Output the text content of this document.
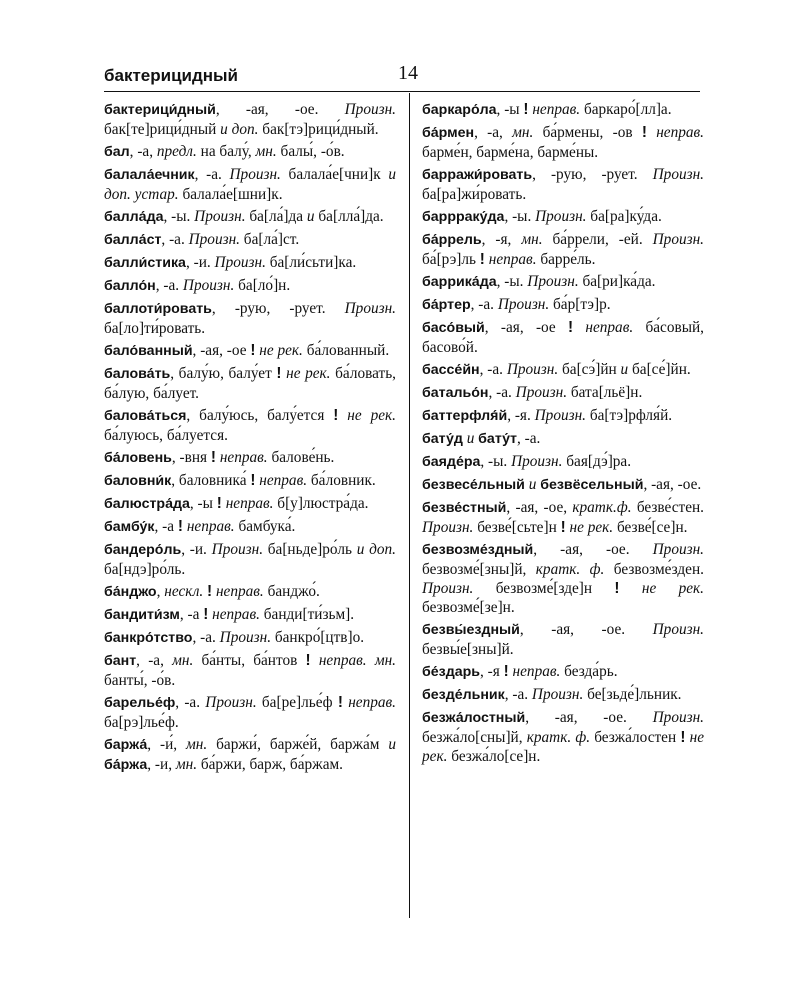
бактерицидный	14

бактерици́дный, -ая, -ое. Произн. бак[те]рици́дный и доп. бак[тэ]рици́дный.

бал, -а, предл. на балу́, мн. балы́, -о́в.

балала́ечник, -а. Произн. балала́е[чни]к и доп. устар. балала́е[шни]к.

балла́да, -ы. Произн. ба[ла́]да и ба[лла́]да.

балла́ст, -а. Произн. ба[ла́]ст.

балли́стика, -и. Произн. ба[ли́сьти]ка.

балло́н, -а. Произн. ба[ло́]н.

баллоти́ровать, -рую, -рует. Произн. ба[ло]ти́ровать.

бало́ванный, -ая, -ое ! не рек. ба́лованный.

балова́ть, балу́ю, балу́ет ! не рек. ба́ловать, ба́лую, ба́лует.

балова́ться, балу́юсь, балу́ется ! не рек. ба́луюсь, ба́луется.

ба́ловень, -вня ! неправ. балове́нь.

баловни́к, баловника́ ! неправ. ба́ловник.

балюстра́да, -ы ! неправ. б[у]люстра́да.

бамбу́к, -а ! неправ. бамбука́.

бандеро́ль, -и. Произн. ба[ньде]ро́ль и доп. ба[ндэ]ро́ль.

ба́нджо, нескл. ! неправ. банджо́.

бандити́зм, -а ! неправ. банди[ти́зьм].

банкро́тство, -а. Произн. банкро́[цтв]о.

бант, -а, мн. ба́нты, ба́нтов ! неправ. мн. банты́, -о́в.

барелье́ф, -а. Произн. ба[ре]лье́ф ! неправ. ба[рэ]лье́ф.

баржа́, -и́, мн. баржи́, барже́й, баржа́м и ба́ржа, -и, мн. ба́ржи, барж, ба́ржам.

баркаро́ла, -ы ! неправ. баркаро́[лл]а.

ба́рмен, -а, мн. ба́рмены, -ов ! неправ. барме́н, барме́на, барме́ны.

барражи́ровать, -рую, -рует. Произн. ба[ра]жи́ровать.

баррраку́да, -ы. Произн. ба[ра]ку́да.

ба́ррель, -я, мн. ба́ррели, -ей. Произн. ба́[рэ]ль ! неправ. барре́ль.

баррика́да, -ы. Произн. ба[ри]ка́да.

ба́ртер, -а. Произн. ба́р[тэ]р.

басо́вый, -ая, -ое ! неправ. ба́совый, басово́й.

бассе́йн, -а. Произн. ба[сэ́]йн и ба[се́]йн.

батальо́н, -а. Произн. бата[льё]н.

баттерфля́й, -я. Произн. ба[тэ]рфля́й.

бату́д и бату́т, -а.

баяде́ра, -ы. Произн. бая[дэ́]ра.

безвесе́льный и безвёсельный, -ая, -ое.

безве́стный, -ая, -ое, кратк.ф. безве́стен. Произн. безве́[сьте]н ! не рек. безве́[се]н.

безвозме́здный, -ая, -ое. Произн. безвозме́[зны]й, кратк. ф. безвозме́зден. Произн. безвозме́[зде]н ! не рек. безвозме́[зе]н.

безвы́ездный, -ая, -ое. Произн. безвы́е[зны]й.

бе́здарь, -я ! неправ. безда́рь.

безде́льник, -а. Произн. бе[зьде́]льник.

безжа́лостный, -ая, -ое. Произн. безжа́ло[сны]й, кратк. ф. безжа́лостен ! не рек. безжа́ло[се]н.
